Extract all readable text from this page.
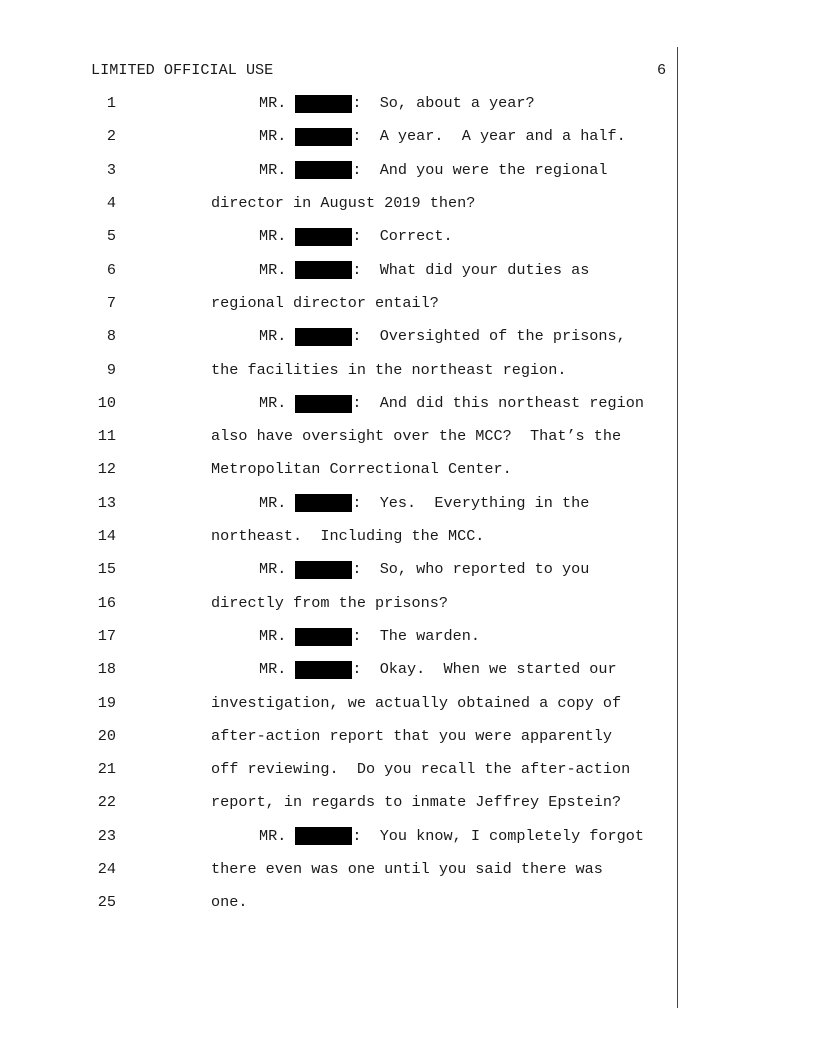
LIMITED OFFICIAL USE	6
1	MR.	: So, about a year?
2	MR.	: A year.  A year and a half.
3	MR.	: And you were the regional
4	director in August 2019 then?
5	MR.	: Correct.
6	MR.	: What did your duties as
7	regional director entail?
8	MR.	: Oversighted of the prisons,
9	the facilities in the northeast region.
10	MR.	: And did this northeast region
11	also have oversight over the MCC?  That’s the
12	Metropolitan Correctional Center.
13	MR.	: Yes.  Everything in the
14	northeast.  Including the MCC.
15	MR.	: So, who reported to you
16	directly from the prisons?
17	MR.	: The warden.
18	MR.	: Okay.  When we started our
19	investigation, we actually obtained a copy of
20	after-action report that you were apparently
21	off reviewing.  Do you recall the after-action
22	report, in regards to inmate Jeffrey Epstein?
23	MR.	: You know, I completely forgot
24	there even was one until you said there was
25	one.
